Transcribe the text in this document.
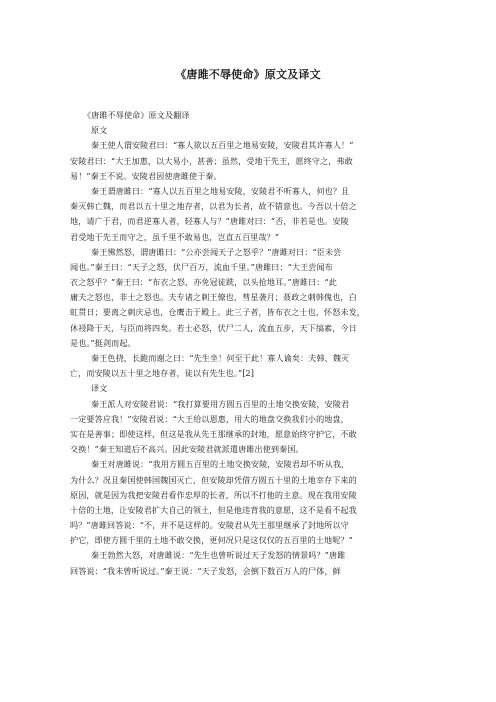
《唐雎不辱使命》原文及译文
《唐雎不辱使命》原文及翻译
原文
秦王使人谓安陵君曰：“寡人欲以五百里之地易安陵，安陵君其许寡人！”
安陵君曰：“大王加惠，以大易小，甚善；虽然，受地于先王，愿终守之，弗敢
易！”秦王不说。安陵君因使唐雎使于秦。
秦王谓唐雎曰：“寡人以五百里之地易安陵，安陵君不听寡人，何也？且
秦灭韩亡魏，而君以五十里之地存者，以君为长者，故不错意也。今吾以十倍之
地，请广于君，而君逆寡人者，轻寡人与？”唐雎对曰：“否，非若是也。安陵
君受地于先王而守之，虽千里不敢易也，岂直五百里哉？”
秦王怫然怒，谓唐雎曰：“公亦尝闻天子之怒乎？”唐雎对曰：“臣未尝
闻也。”秦王曰：“天子之怒，伏尸百万，流血千里。”唐雎曰：“大王尝闻布
衣之怒乎？”秦王曰：“布衣之怒，亦免冠徒跣，以头抢地耳。”唐雎曰：“此
庸夫之怒也，非士之怒也。夫专诸之刺王僚也，彗星袭月；聂政之刺韩傀也，白
虹贯日；要离之刺庆忌也，仓鹰击于殿上。此三子者，皆布衣之士也，怀怒未发，
休祲降于天，与臣而将四矣。若士必怒，伏尸二人，流血五步，天下缟素，今日
是也。”挺剑而起。
秦王色挠，长跪而谢之曰：“先生坐！何至于此！寡人谕矣：夫韩、魏灭
亡，而安陵以五十里之地存者，徒以有先生也。”[2]
译文
秦王派人对安陵君说：“我打算要用方圆五百里的土地交换安陵，安陵君
一定要答应我！”安陵君说：“大王给以恩惠，用大的地盘交换我们小的地盘，
实在是善事；即使这样，但这是我从先王那继承的封地，愿意始终守护它，不敢
交换！”秦王知道后不高兴。因此安陵君就派遣唐雎出使到秦国。
秦王对唐雎说：“我用方圆五百里的土地交换安陵，安陵君却不听从我，
为什么？况且秦国使韩国魏国灭亡，但安陵却凭借方圆五十里的土地幸存下来的
原因，就是因为我把安陵君看作忠厚的长者，所以不打他的主意。现在我用安陵
十倍的土地，让安陵君扩大自己的领土，但是他违背我的意愿，这不是看不起我
吗？”唐雎回答说：“不，并不是这样的。安陵君从先王那里继承了封地所以守
护它，即使方圆千里的土地不敢交换，更何况只是这仅仅的五百里的土地呢？”
秦王勃然大怒，对唐雎说：“先生也曾听说过天子发怒的情景吗？”唐雎
回答说：“我未曾听说过。”秦王说：“天子发怒，会倒下数百万人的尸体，鲜
